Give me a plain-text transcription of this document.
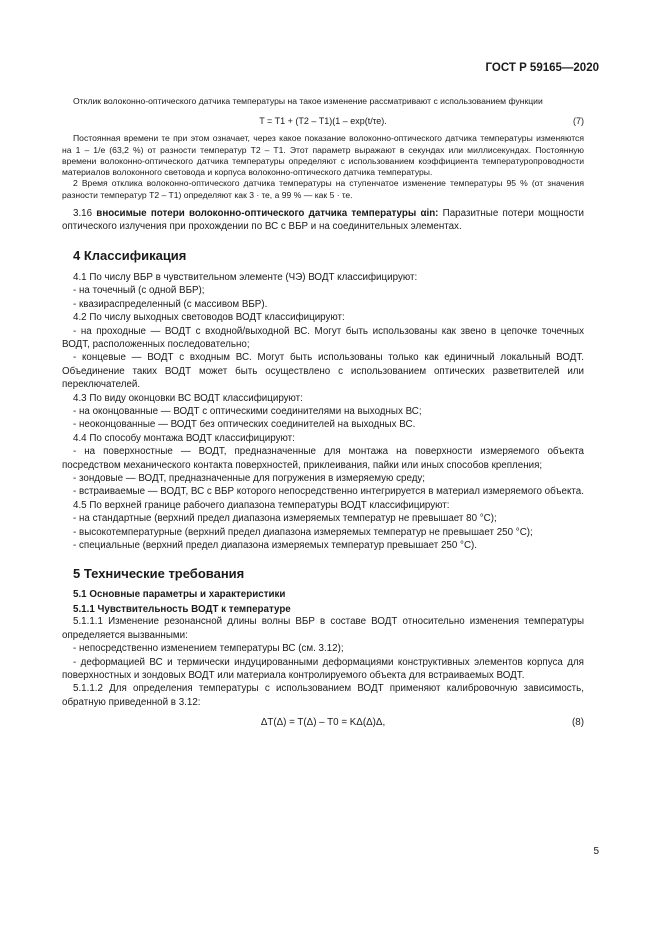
ГОСТ Р 59165—2020
Отклик волоконно-оптического датчика температуры на такое изменение рассматривают с использованием функции
T = T1 + (T2 – T1)(1 – exp(t/τe).	(7)
Постоянная времени τe при этом означает, через какое показание волоконно-оптического датчика температуры изменяются на 1 – 1/е (63,2 %) от разности температур T2 – T1. Этот параметр выражают в секундах или миллисекундах. Постоянную времени волоконно-оптического датчика температуры определяют с использованием коэффициента температуропроводности материалов волоконного световода и корпуса волоконно-оптического датчика температуры.
2 Время отклика волоконно-оптического датчика температуры на ступенчатое изменение температуры 95 % (от значения разности температур T2 – T1) определяют как 3 · τe, а 99 % — как 5 · τe.
3.16 вносимые потери волоконно-оптического датчика температуры αin: Паразитные потери мощности оптического излучения при прохождении по ВС с ВБР и на соединительных элементах.
4 Классификация
4.1 По числу ВБР в чувствительном элементе (ЧЭ) ВОДТ классифицируют:
- на точечный (с одной ВБР);
- квазираспределенный (с массивом ВБР).
4.2 По числу выходных световодов ВОДТ классифицируют:
- на проходные — ВОДТ с входной/выходной ВС. Могут быть использованы как звено в цепочке точечных ВОДТ, расположенных последовательно;
- концевые — ВОДТ с входным ВС. Могут быть использованы только как единичный локальный ВОДТ. Объединение таких ВОДТ может быть осуществлено с использованием оптических разветвителей или переключателей.
4.3 По виду оконцовки ВС ВОДТ классифицируют:
- на оконцованные — ВОДТ с оптическими соединителями на выходных ВС;
- неоконцованные — ВОДТ без оптических соединителей на выходных ВС.
4.4 По способу монтажа ВОДТ классифицируют:
- на поверхностные — ВОДТ, предназначенные для монтажа на поверхности измеряемого объекта посредством механического контакта поверхностей, приклеивания, пайки или иных способов крепления;
- зондовые — ВОДТ, предназначенные для погружения в измеряемую среду;
- встраиваемые — ВОДТ, ВС с ВБР которого непосредственно интегрируется в материал измеряемого объекта.
4.5 По верхней границе рабочего диапазона температуры ВОДТ классифицируют:
- на стандартные (верхний предел диапазона измеряемых температур не превышает 80 °С);
- высокотемпературные (верхний предел диапазона измеряемых температур не превышает 250 °С);
- специальные (верхний предел диапазона измеряемых температур превышает 250 °С).
5 Технические требования
5.1 Основные параметры и характеристики
5.1.1 Чувствительность ВОДТ к температуре
5.1.1.1 Изменение резонансной длины волны ВБР в составе ВОДТ относительно изменения температуры определяется вызванными:
- непосредственно изменением температуры ВС (см. 3.12);
- деформацией ВС и термически индуцированными деформациями конструктивных элементов корпуса для поверхностных и зондовых ВОДТ или материала контролируемого объекта для встраиваемых ВОДТ.
5.1.1.2 Для определения температуры с использованием ВОДТ применяют калибровочную зависимость, обратную приведенной в 3.12:
ΔT(Δ) = T(Δ) – T0 = KΔ(Δ)Δ,	(8)
5
